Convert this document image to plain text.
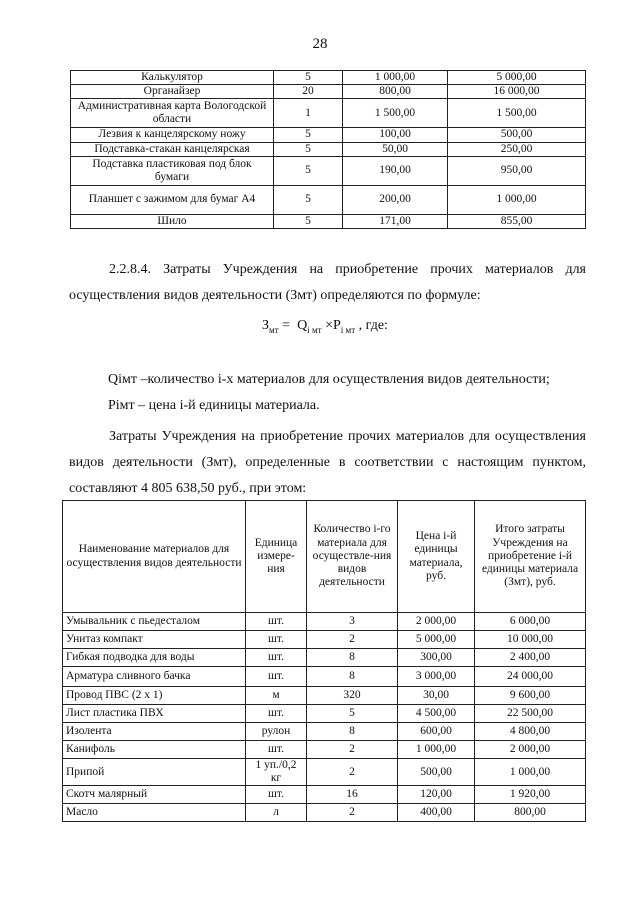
28
Калькулятор	5	1 000,00	5 000,00
Органайзер	20	800,00	16 000,00
Административная карта Вологодской области	1	1 500,00	1 500,00
Лезвия к канцелярскому ножу	5	100,00	500,00
Подставка-стакан канцелярская	5	50,00	250,00
Подставка пластиковая под блок бумаги	5	190,00	950,00
Планшет с зажимом для бумаг А4	5	200,00	1 000,00
Шило	5	171,00	855,00
2.2.8.4. Затраты Учреждения на приобретение прочих материалов для осуществления видов деятельности (Змт) определяются по формуле:
$З_{мт} = Q_{i мт} \times P_{i мт}$ , где:
Qiмт –количество i-х материалов для осуществления видов деятельности;
Piмт – цена i-й единицы материала.
Затраты Учреждения на приобретение прочих материалов для осуществления видов деятельности (Змт), определенные в соответствии с настоящим пунктом, составляют 4 805 638,50 руб., при этом:
Наименование материалов для осуществления видов деятельности	Единица измере-ния	Количество i-го материала для осуществле-ния видов деятельности	Цена i-й единицы материала, руб.	Итого затраты Учреждения на приобретение i-й единицы материала (Змт), руб.
Умывальник с пьедесталом	шт.	3	2 000,00	6 000,00
Унитаз компакт	шт.	2	5 000,00	10 000,00
Гибкая подводка для воды	шт.	8	300,00	2 400,00
Арматура сливного бачка	шт.	8	3 000,00	24 000,00
Провод ПВС (2 х 1)	м	320	30,00	9 600,00
Лист пластика ПВХ	шт.	5	4 500,00	22 500,00
Изолента	рулон	8	600,00	4 800,00
Канифоль	шт.	2	1 000,00	2 000,00
Припой	1 уп./0,2 кг	2	500,00	1 000,00
Скотч малярный	шт.	16	120,00	1 920,00
Масло	л	2	400,00	800,00
